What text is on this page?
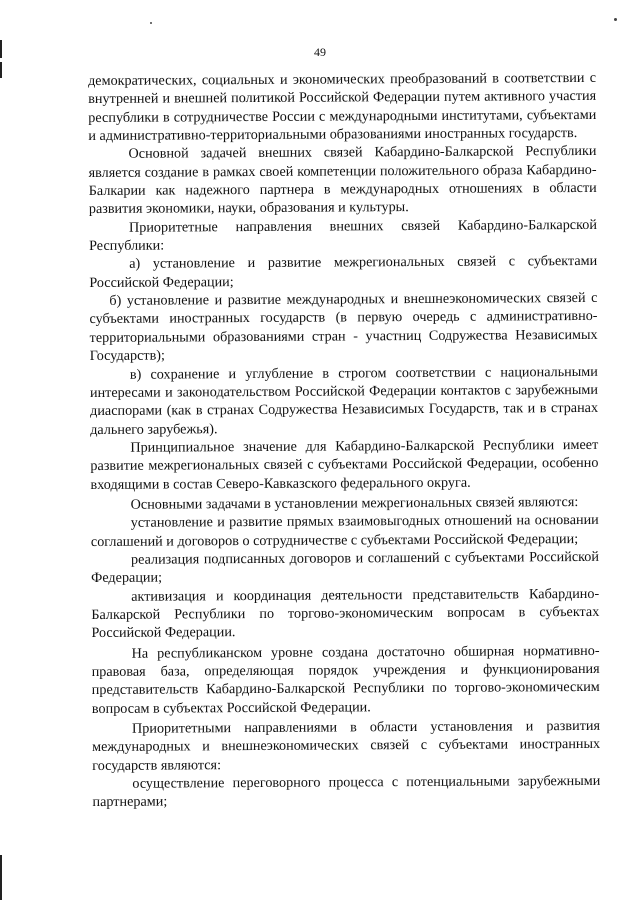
49

демократических, социальных и экономических преобразований в соответствии с внутренней и внешней политикой Российской Федерации путем активного участия республики в сотрудничестве России с международными институтами, субъектами и административно-территориальными образованиями иностранных государств.

Основной задачей внешних связей Кабардино-Балкарской Республики является создание в рамках своей компетенции положительного образа Кабардино-Балкарии как надежного партнера в международных отношениях в области развития экономики, науки, образования и культуры.

Приоритетные направления внешних связей Кабардино-Балкарской Республики:

а) установление и развитие межрегиональных связей с субъектами Российской Федерации;

б) установление и развитие международных и внешнеэкономических связей с субъектами иностранных государств (в первую очередь с административно-территориальными образованиями стран - участниц Содружества Независимых Государств);

в) сохранение и углубление в строгом соответствии с национальными интересами и законодательством Российской Федерации контактов с зарубежными диаспорами (как в странах Содружества Независимых Государств, так и в странах дальнего зарубежья).

Принципиальное значение для Кабардино-Балкарской Республики имеет развитие межрегиональных связей с субъектами Российской Федерации, особенно входящими в состав Северо-Кавказского федерального округа.

Основными задачами в установлении межрегиональных связей являются:

установление и развитие прямых взаимовыгодных отношений на основании соглашений и договоров о сотрудничестве с субъектами Российской Федерации;

реализация подписанных договоров и соглашений с субъектами Российской Федерации;

активизация и координация деятельности представительств Кабардино-Балкарской Республики по торгово-экономическим вопросам в субъектах Российской Федерации.

На республиканском уровне создана достаточно обширная нормативно-правовая база, определяющая порядок учреждения и функционирования представительств Кабардино-Балкарской Республики по торгово-экономическим вопросам в субъектах Российской Федерации.

Приоритетными направлениями в области установления и развития международных и внешнеэкономических связей с субъектами иностранных государств являются:

осуществление переговорного процесса с потенциальными зарубежными партнерами;
